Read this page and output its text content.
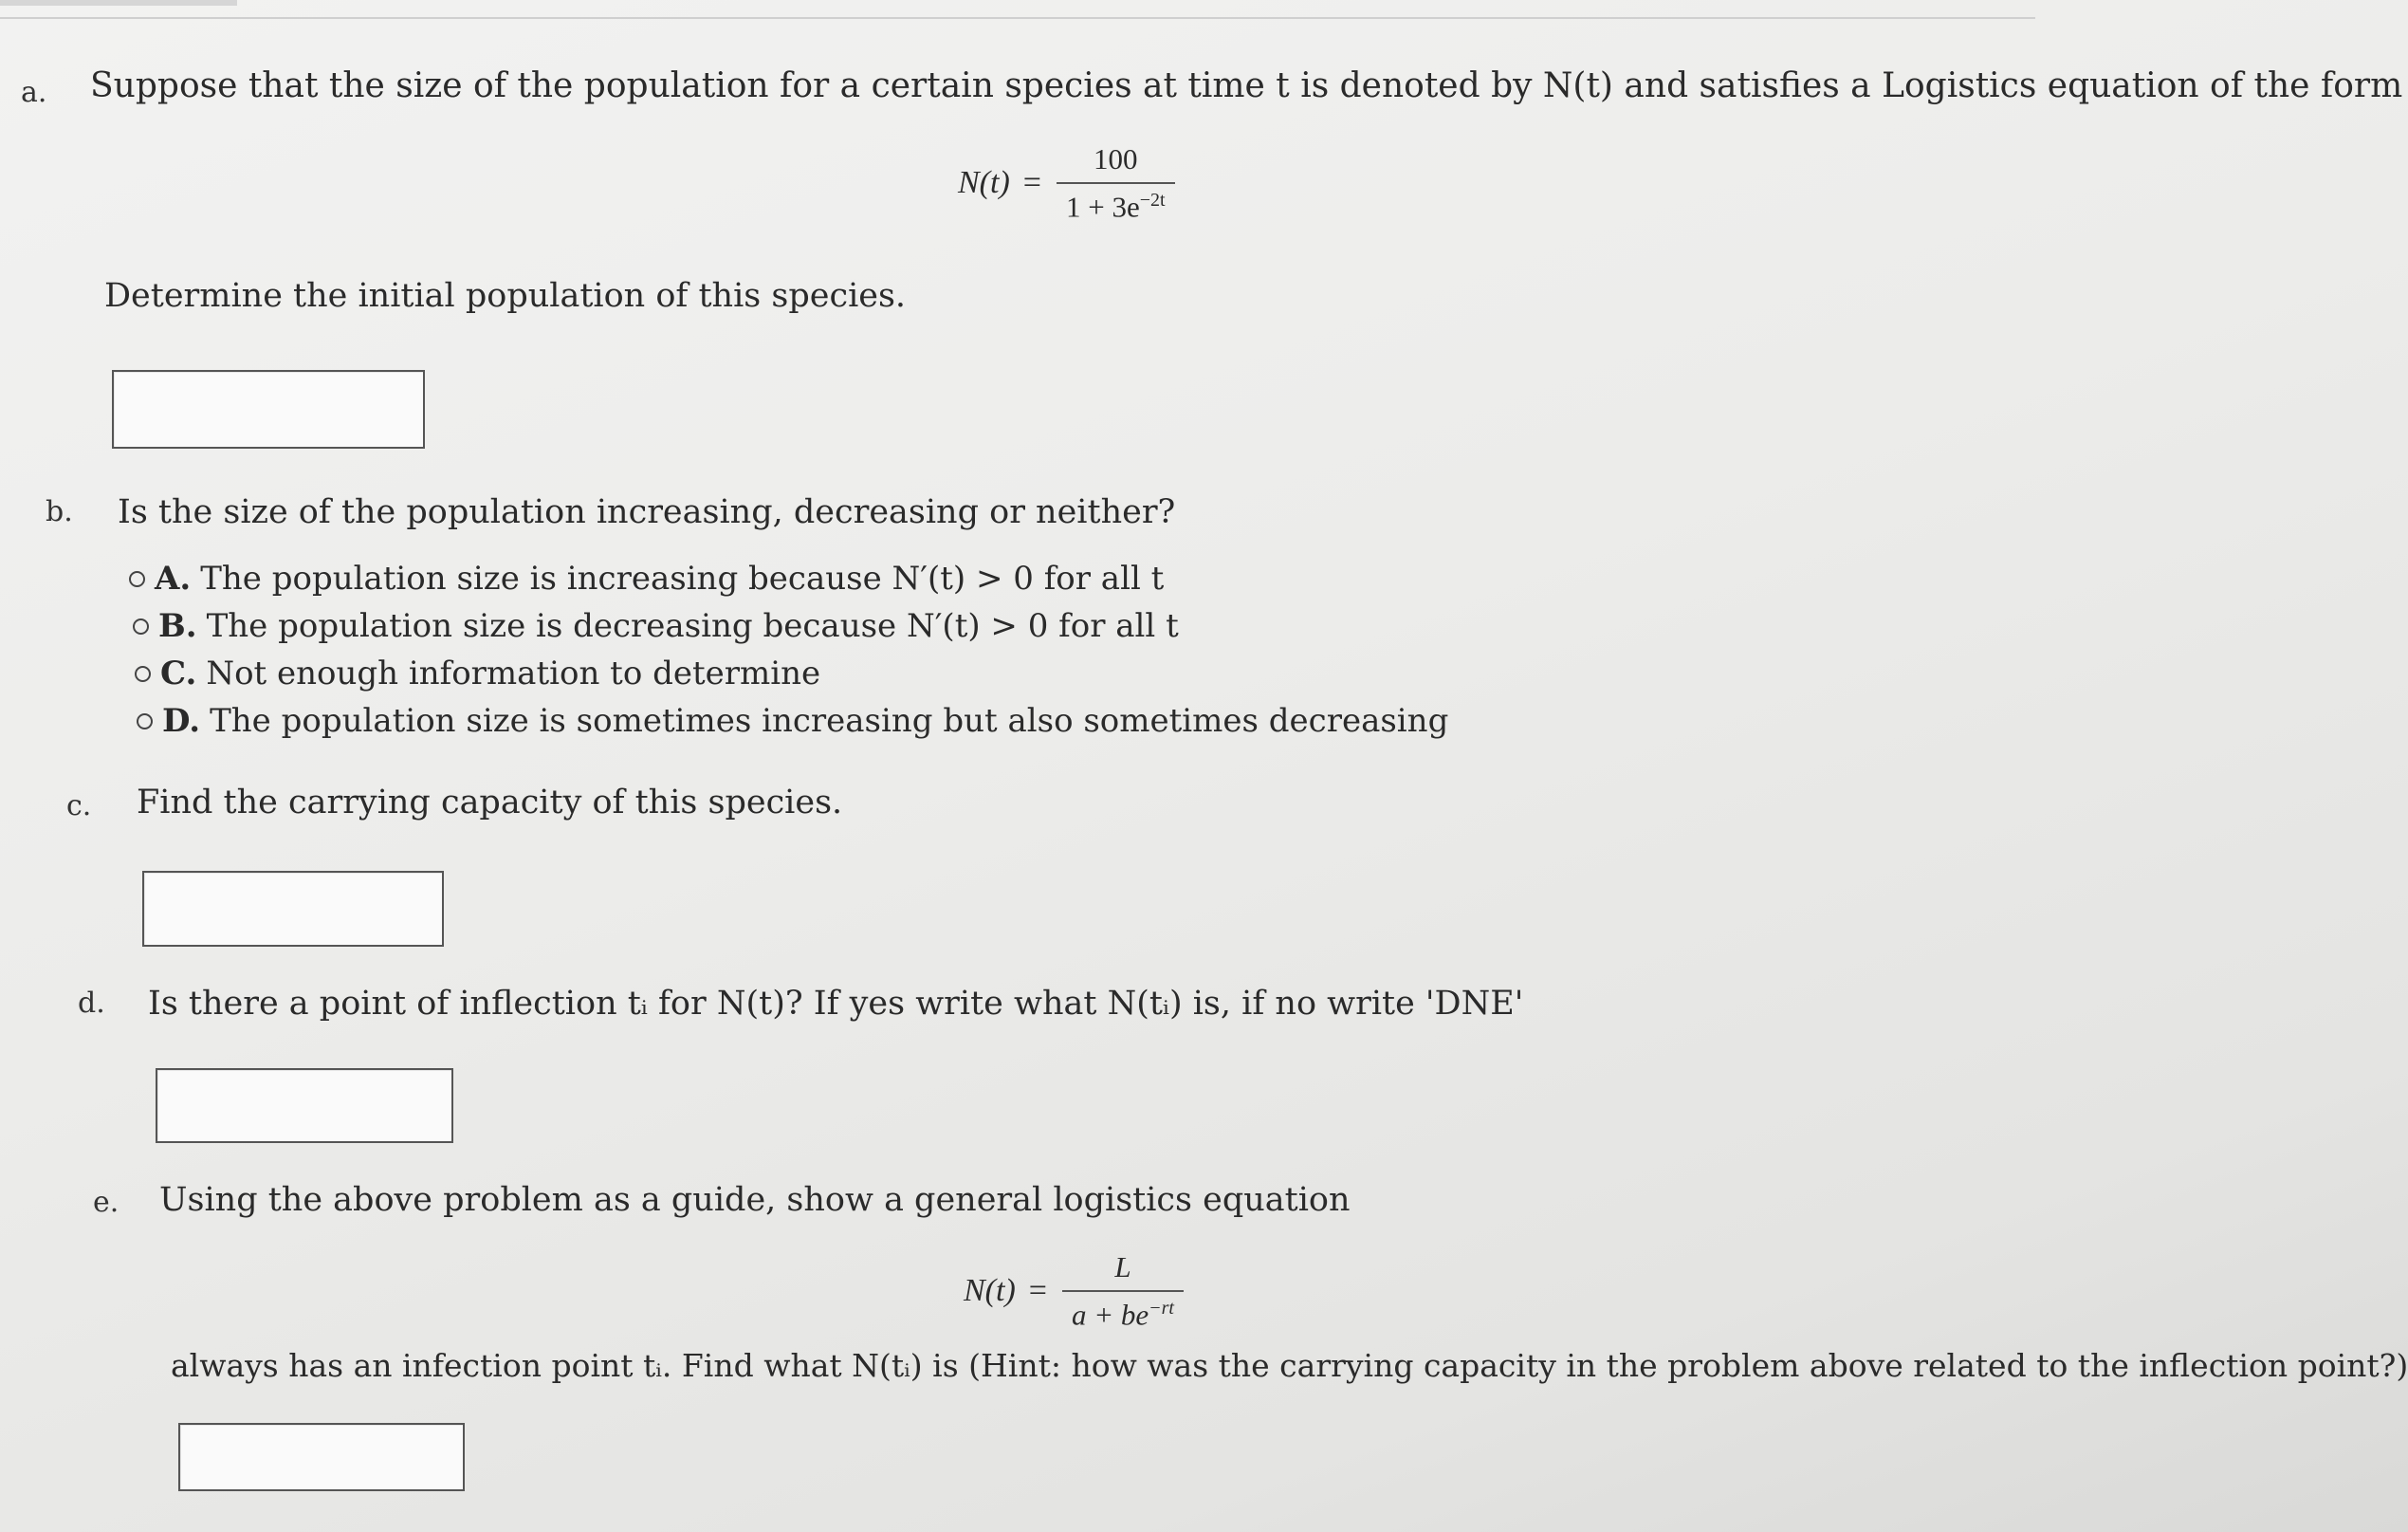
a. Suppose that the size of the population for a certain species at time t is denoted by N(t) and satisfies a Logistics equation of the form
$N(t) = \frac{100}{1 + 3e^{-2t}}$
Determine the initial population of this species.
b. Is the size of the population increasing, decreasing or neither?
A. The population size is increasing because N′(t) > 0 for all t
B. The population size is decreasing because N′(t) > 0 for all t
C. Not enough information to determine
D. The population size is sometimes increasing but also sometimes decreasing
c. Find the carrying capacity of this species.
d. Is there a point of inflection tᵢ for N(t)? If yes write what N(tᵢ) is, if no write 'DNE'
e. Using the above problem as a guide, show a general logistics equation
$N(t) = \frac{L}{a + be^{-rt}}$
always has an infection point tᵢ. Find what N(tᵢ) is (Hint: how was the carrying capacity in the problem above related to the inflection point?)
